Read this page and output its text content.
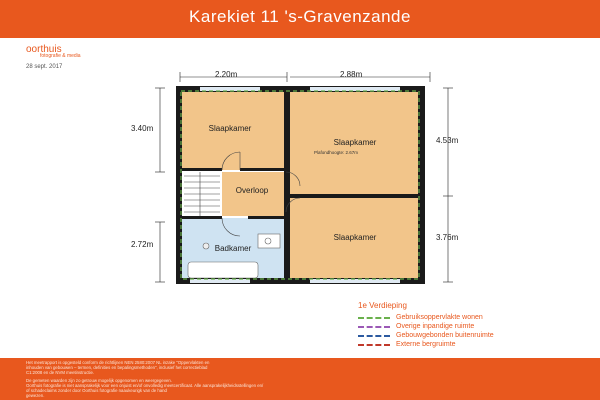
Karekiet 11 's-Gravenzande
oorthuis
fotografie & media
28 sept. 2017
2.20m	2.88m
3.40m
2.72m
4.53m
3.76m
Slaapkamer
Slaapkamer
Plafondhoogte: 2.67m
Slaapkamer
Overloop
Badkamer
1e Verdieping
Gebruiksoppervlakte wonen
Overige inpandige ruimte
Gebouwgebonden buitenruimte
Externe bergruimte
Het meetrapport is opgesteld conform de richtlijnen NEN 2580:2007 NL inzake "Oppervlakten en
inhouden van gebouwen – termen, definities en bepalingsmethoden", inclusief het correctieblad
C1:2008 en de NVM meetinstructie.
De gemeten waarden zijn zo getrouw mogelijk opgenomen en weergegeven.
Oorthuis fotografie is niet aansprakelijk voor een onjuist en/of onvolledig meetcertificaat. Alle aansprakelijkheidsstellingen en/
of schadeclaims zonder door Oorthuis fotografie naaukeurigk van de hand
gewezen.
